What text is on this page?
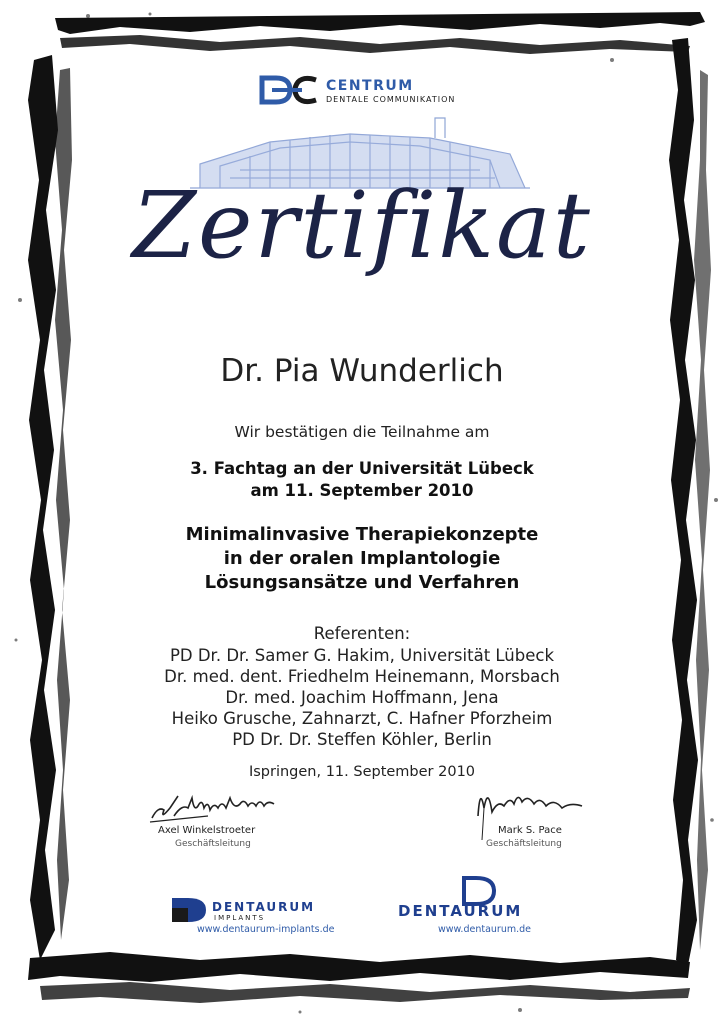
CENTRUM
DENTALE COMMUNIKATION
Zertifikat
Dr. Pia Wunderlich
Wir bestätigen die Teilnahme am
3. Fachtag an der Universität Lübeck
am 11. September 2010
Minimalinvasive Therapiekonzepte
in der oralen Implantologie
Lösungsansätze und Verfahren
Referenten:
PD Dr. Dr. Samer G. Hakim, Universität Lübeck
Dr. med. dent. Friedhelm Heinemann, Morsbach
Dr. med. Joachim Hoffmann, Jena
Heiko Grusche, Zahnarzt, C. Hafner Pforzheim
PD Dr. Dr. Steffen Köhler, Berlin
Ispringen, 11. September 2010
Axel Winkelstroeter
Geschäftsleitung
Mark S. Pace
Geschäftsleitung
DENTAURUM
IMPLANTS
www.dentaurum-implants.de
DENTAURUM
www.dentaurum.de
